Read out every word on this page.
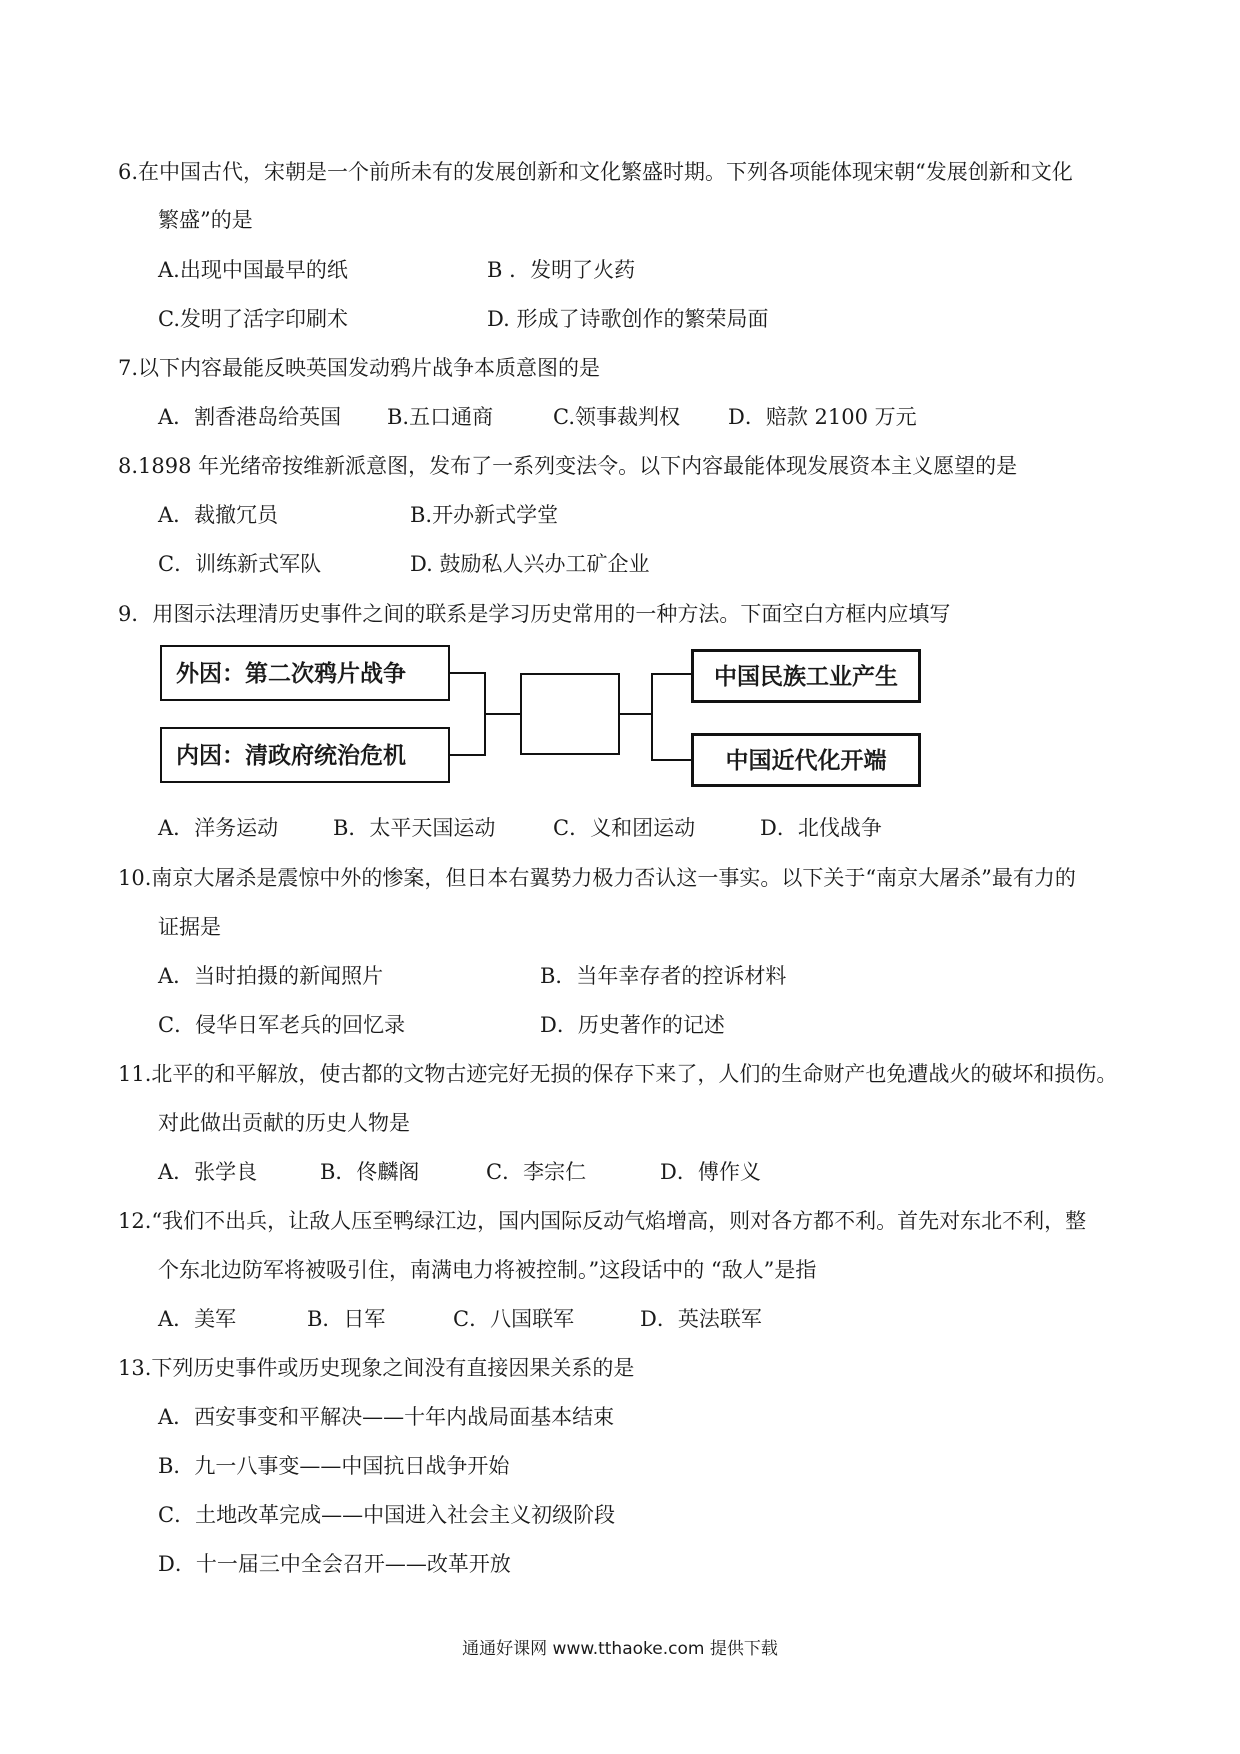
6.在中国古代，宋朝是一个前所未有的发展创新和文化繁盛时期。下列各项能体现宋朝“发展创新和文化
繁盛”的是
A.出现中国最早的纸	B ．发明了火药
C.发明了活字印刷术	D. 形成了诗歌创作的繁荣局面
7.以下内容最能反映英国发动鸦片战争本质意图的是
A．割香港岛给英国 B.五口通商	C.领事裁判权 D．赔款 2100 万元
8.1898 年光绪帝按维新派意图，发布了一系列变法令。以下内容最能体现发展资本主义愿望的是
A．裁撤冗员	B.开办新式学堂
C．训练新式军队	D. 鼓励私人兴办工矿企业
9．用图示法理清历史事件之间的联系是学习历史常用的一种方法。下面空白方框内应填写
外因：第二次鸦片战争
内因：清政府统治危机
中国民族工业产生
中国近代化开端
A．洋务运动	B．太平天国运动	C．义和团运动	D．北伐战争
10.南京大屠杀是震惊中外的惨案，但日本右翼势力极力否认这一事实。以下关于“南京大屠杀”最有力的
证据是
A．当时拍摄的新闻照片	B．当年幸存者的控诉材料
C．侵华日军老兵的回忆录	D．历史著作的记述
11.北平的和平解放，使古都的文物古迹完好无损的保存下来了，人们的生命财产也免遭战火的破坏和损伤。
对此做出贡献的历史人物是
A．张学良	B．佟麟阁	C．李宗仁	D．傅作义
12.“我们不出兵，让敌人压至鸭绿江边，国内国际反动气焰增高，则对各方都不利。首先对东北不利，整
个东北边防军将被吸引住，南满电力将被控制。”这段话中的 “敌人”是指
A．美军	B．日军	C．八国联军	D．英法联军
13.下列历史事件或历史现象之间没有直接因果关系的是
A．西安事变和平解决——十年内战局面基本结束
B．九一八事变——中国抗日战争开始
C．土地改革完成——中国进入社会主义初级阶段
D．十一届三中全会召开——改革开放
通通好课网 www.tthaoke.com 提供下载
